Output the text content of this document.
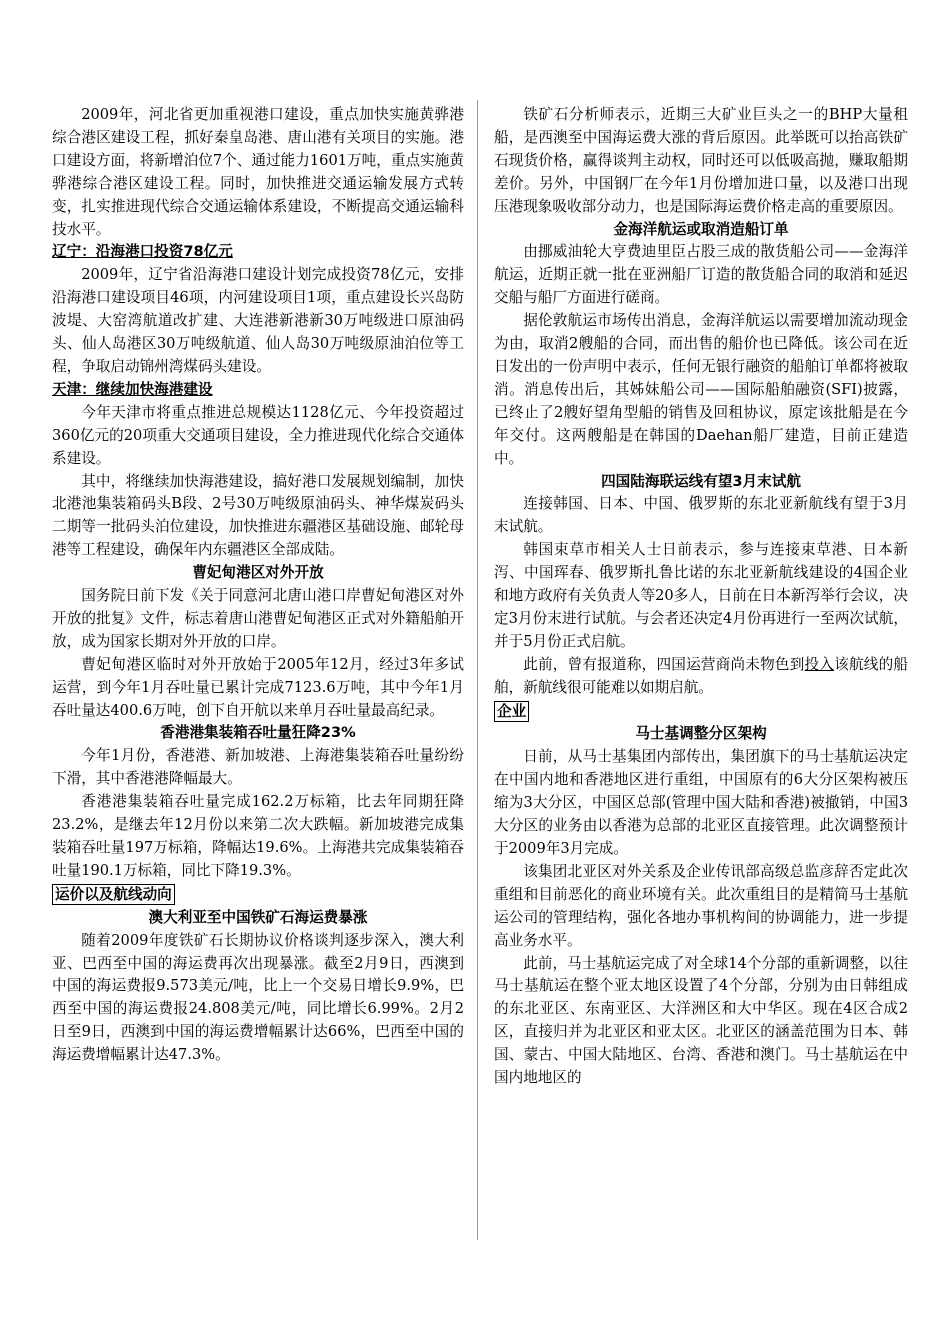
2009年，河北省更加重视港口建设，重点加快实施黄骅港综合港区建设工程，抓好秦皇岛港、唐山港有关项目的实施。港口建设方面，将新增泊位7个、通过能力1601万吨，重点实施黄骅港综合港区建设工程。同时，加快推进交通运输发展方式转变，扎实推进现代综合交通运输体系建设，不断提高交通运输科技水平。

辽宁：沿海港口投资78亿元

2009年，辽宁省沿海港口建设计划完成投资78亿元，安排沿海港口建设项目46项，内河建设项目1项，重点建设长兴岛防波堤、大窑湾航道改扩建、大连港新港新30万吨级进口原油码头、仙人岛港区30万吨级航道、仙人岛30万吨级原油泊位等工程，争取启动锦州湾煤码头建设。

天津：继续加快海港建设

今年天津市将重点推进总规模达1128亿元、今年投资超过360亿元的20项重大交通项目建设，全力推进现代化综合交通体系建设。

其中，将继续加快海港建设，搞好港口发展规划编制，加快北港池集装箱码头B段、2号30万吨级原油码头、神华煤炭码头二期等一批码头泊位建设，加快推进东疆港区基础设施、邮轮母港等工程建设，确保年内东疆港区全部成陆。

曹妃甸港区对外开放

国务院日前下发《关于同意河北唐山港口岸曹妃甸港区对外开放的批复》文件，标志着唐山港曹妃甸港区正式对外籍船舶开放，成为国家长期对外开放的口岸。

曹妃甸港区临时对外开放始于2005年12月，经过3年多试运营，到今年1月吞吐量已累计完成7123.6万吨，其中今年1月吞吐量达400.6万吨，创下自开航以来单月吞吐量最高纪录。

香港港集装箱吞吐量狂降23%

今年1月份，香港港、新加坡港、上海港集装箱吞吐量纷纷下滑，其中香港港降幅最大。

香港港集装箱吞吐量完成162.2万标箱，比去年同期狂降23.2%，是继去年12月份以来第二次大跌幅。新加坡港完成集装箱吞吐量197万标箱，降幅达19.6%。上海港共完成集装箱吞吐量190.1万标箱，同比下降19.3%。

运价以及航线动向
澳大利亚至中国铁矿石海运费暴涨

随着2009年度铁矿石长期协议价格谈判逐步深入，澳大利亚、巴西至中国的海运费再次出现暴涨。截至2月9日，西澳到中国的海运费报9.573美元/吨，比上一个交易日增长9.9%，巴西至中国的海运费报24.808美元/吨，同比增长6.99%。2月2日至9日，西澳到中国的海运费增幅累计达66%，巴西至中国的海运费增幅累计达47.3%。

铁矿石分析师表示，近期三大矿业巨头之一的BHP大量租船，是西澳至中国海运费大涨的背后原因。此举既可以抬高铁矿石现货价格，赢得谈判主动权，同时还可以低吸高抛，赚取船期差价。另外，中国钢厂在今年1月份增加进口量，以及港口出现压港现象吸收部分动力，也是国际海运费价格走高的重要原因。

金海洋航运或取消造船订单

由挪威油轮大亨费迪里臣占股三成的散货船公司——金海洋航运，近期正就一批在亚洲船厂订造的散货船合同的取消和延迟交船与船厂方面进行磋商。

据伦敦航运市场传出消息，金海洋航运以需要增加流动现金为由，取消2艘船的合同，而出售的船价也已降低。该公司在近日发出的一份声明中表示，任何无银行融资的船舶订单都将被取消。消息传出后，其姊妹船公司——国际船舶融资(SFI)披露，已终止了2艘好望角型船的销售及回租协议，原定该批船是在今年交付。这两艘船是在韩国的Daehan船厂建造，目前正建造中。

四国陆海联运线有望3月末试航

连接韩国、日本、中国、俄罗斯的东北亚新航线有望于3月末试航。

韩国束草市相关人士日前表示，参与连接束草港、日本新泻、中国珲春、俄罗斯扎鲁比诺的东北亚新航线建设的4国企业和地方政府有关负责人等20多人，日前在日本新泻举行会议，决定3月份末进行试航。与会者还决定4月份再进行一至两次试航，并于5月份正式启航。

此前，曾有报道称，四国运营商尚未物色到投入该航线的船舶，新航线很可能难以如期启航。

企业
马士基调整分区架构

日前，从马士基集团内部传出，集团旗下的马士基航运决定在中国内地和香港地区进行重组，中国原有的6大分区架构被压缩为3大分区，中国区总部(管理中国大陆和香港)被撤销，中国3大分区的业务由以香港为总部的北亚区直接管理。此次调整预计于2009年3月完成。

该集团北亚区对外关系及企业传讯部高级总监彦辞否定此次重组和目前恶化的商业环境有关。此次重组目的是精简马士基航运公司的管理结构，强化各地办事机构间的协调能力，进一步提高业务水平。

此前，马士基航运完成了对全球14个分部的重新调整，以往马士基航运在整个亚太地区设置了4个分部，分别为由日韩组成的东北亚区、东南亚区、大洋洲区和大中华区。现在4区合成2区，直接归并为北亚区和亚太区。北亚区的涵盖范围为日本、韩国、蒙古、中国大陆地区、台湾、香港和澳门。马士基航运在中国内地地区的
